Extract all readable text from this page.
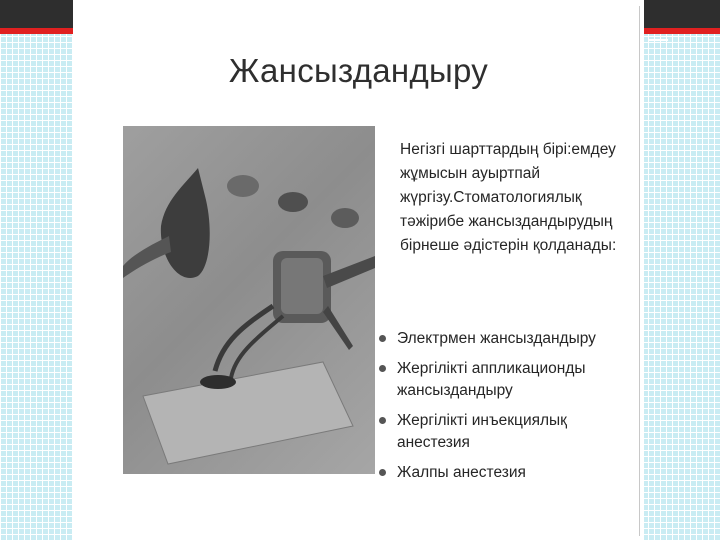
Жансыздандыру

Негізгі шарттардың бірі:емдеу жұмысын ауыртпай жүргізу.Стоматологиялық тәжірибе жансыздандырудың бірнеше әдістерін қолданады:

Электрмен жансыздандыру
Жергілікті аппликационды жансыздандыру
Жергілікті инъекциялық анестезия
Жалпы анестезия
